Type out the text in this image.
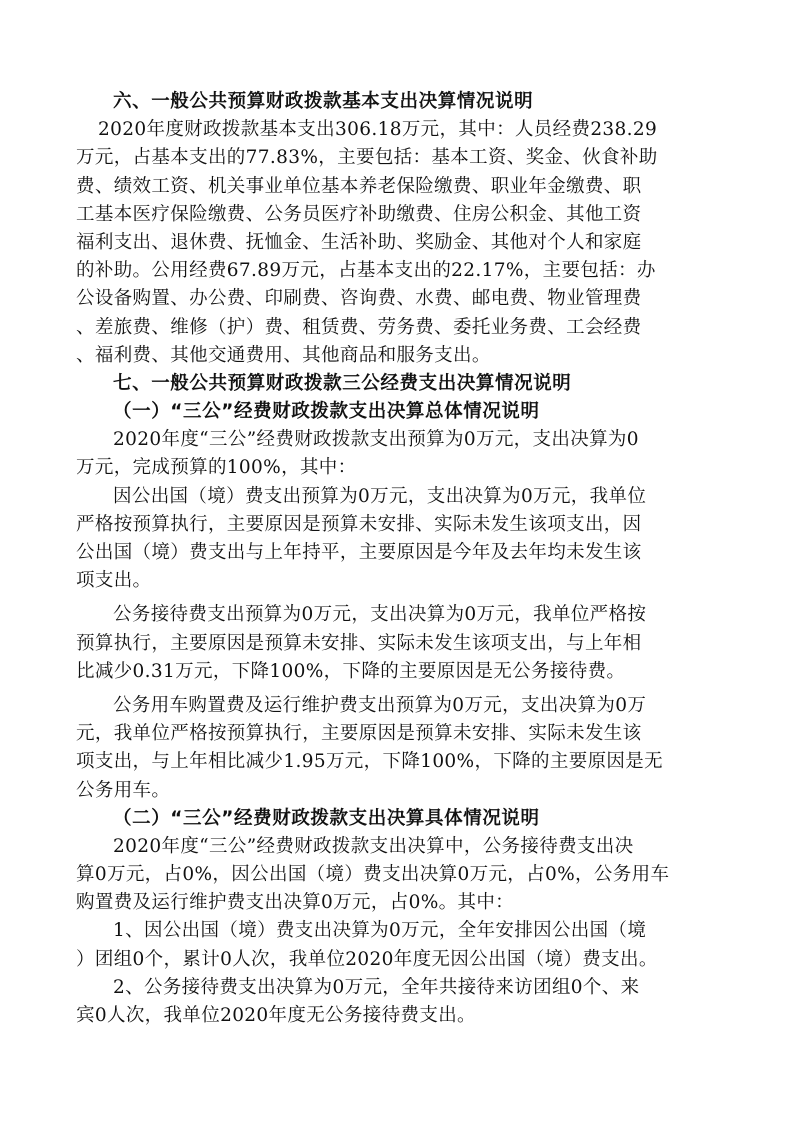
六、一般公共预算财政拨款基本支出决算情况说明
2020年度财政拨款基本支出306.18万元，其中：人员经费238.29
万元，占基本支出的77.83%，主要包括：基本工资、奖金、伙食补助
费、绩效工资、机关事业单位基本养老保险缴费、职业年金缴费、职
工基本医疗保险缴费、公务员医疗补助缴费、住房公积金、其他工资
福利支出、退休费、抚恤金、生活补助、奖励金、其他对个人和家庭
的补助。公用经费67.89万元，占基本支出的22.17%，主要包括：办
公设备购置、办公费、印刷费、咨询费、水费、邮电费、物业管理费
、差旅费、维修（护）费、租赁费、劳务费、委托业务费、工会经费
、福利费、其他交通费用、其他商品和服务支出。
七、一般公共预算财政拨款三公经费支出决算情况说明
（一）“三公”经费财政拨款支出决算总体情况说明
2020年度“三公”经费财政拨款支出预算为0万元，支出决算为0
万元，完成预算的100%，其中：
因公出国（境）费支出预算为0万元，支出决算为0万元，我单位
严格按预算执行，主要原因是预算未安排、实际未发生该项支出，因
公出国（境）费支出与上年持平，主要原因是今年及去年均未发生该
项支出。
公务接待费支出预算为0万元，支出决算为0万元，我单位严格按
预算执行，主要原因是预算未安排、实际未发生该项支出，与上年相
比减少0.31万元，下降100%，下降的主要原因是无公务接待费。
公务用车购置费及运行维护费支出预算为0万元，支出决算为0万
元，我单位严格按预算执行，主要原因是预算未安排、实际未发生该
项支出，与上年相比减少1.95万元，下降100%，下降的主要原因是无
公务用车。
（二）“三公”经费财政拨款支出决算具体情况说明
2020年度“三公”经费财政拨款支出决算中，公务接待费支出决
算0万元，占0%，因公出国（境）费支出决算0万元，占0%，公务用车
购置费及运行维护费支出决算0万元，占0%。其中：
1、因公出国（境）费支出决算为0万元，全年安排因公出国（境
）团组0个，累计0人次，我单位2020年度无因公出国（境）费支出。
2、公务接待费支出决算为0万元，全年共接待来访团组0个、来
宾0人次，我单位2020年度无公务接待费支出。
